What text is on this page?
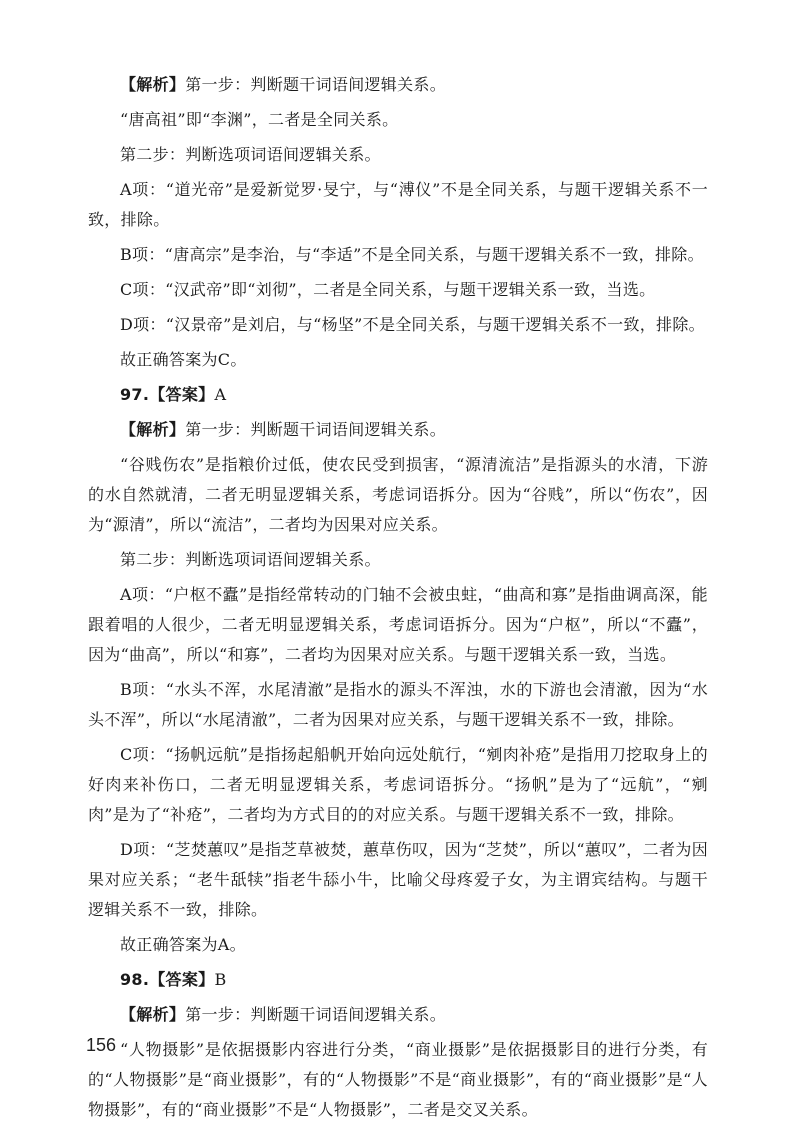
【解析】第一步：判断题干词语间逻辑关系。

“唐高祖”即“李渊”，二者是全同关系。

第二步：判断选项词语间逻辑关系。

A项：“道光帝”是爱新觉罗·旻宁，与“溥仪”不是全同关系，与题干逻辑关系不一致，排除。

B项：“唐高宗”是李治，与“李适”不是全同关系，与题干逻辑关系不一致，排除。

C项：“汉武帝”即“刘彻”，二者是全同关系，与题干逻辑关系一致，当选。

D项：“汉景帝”是刘启，与“杨坚”不是全同关系，与题干逻辑关系不一致，排除。

故正确答案为C。

97.【答案】A

【解析】第一步：判断题干词语间逻辑关系。

“谷贱伤农”是指粮价过低，使农民受到损害，“源清流洁”是指源头的水清，下游的水自然就清，二者无明显逻辑关系，考虑词语拆分。因为“谷贱”，所以“伤农”，因为“源清”，所以“流洁”，二者均为因果对应关系。

第二步：判断选项词语间逻辑关系。

A项：“户枢不蠹”是指经常转动的门轴不会被虫蛀，“曲高和寡”是指曲调高深，能跟着唱的人很少，二者无明显逻辑关系，考虑词语拆分。因为“户枢”，所以“不蠹”，因为“曲高”，所以“和寡”，二者均为因果对应关系。与题干逻辑关系一致，当选。

B项：“水头不浑，水尾清澈”是指水的源头不浑浊，水的下游也会清澈，因为“水头不浑”，所以“水尾清澈”，二者为因果对应关系，与题干逻辑关系不一致，排除。

C项：“扬帆远航”是指扬起船帆开始向远处航行，“剜肉补疮”是指用刀挖取身上的好肉来补伤口，二者无明显逻辑关系，考虑词语拆分。“扬帆”是为了“远航”，“剜肉”是为了“补疮”，二者均为方式目的的对应关系。与题干逻辑关系不一致，排除。

D项：“芝焚蕙叹”是指芝草被焚，蕙草伤叹，因为“芝焚”，所以“蕙叹”，二者为因果对应关系；“老牛舐犊”指老牛舔小牛，比喻父母疼爱子女，为主谓宾结构。与题干逻辑关系不一致，排除。

故正确答案为A。

98.【答案】B

【解析】第一步：判断题干词语间逻辑关系。

“人物摄影”是依据摄影内容进行分类，“商业摄影”是依据摄影目的进行分类，有的“人物摄影”是“商业摄影”，有的“人物摄影”不是“商业摄影”，有的“商业摄影”是“人物摄影”，有的“商业摄影”不是“人物摄影”，二者是交叉关系。

156
